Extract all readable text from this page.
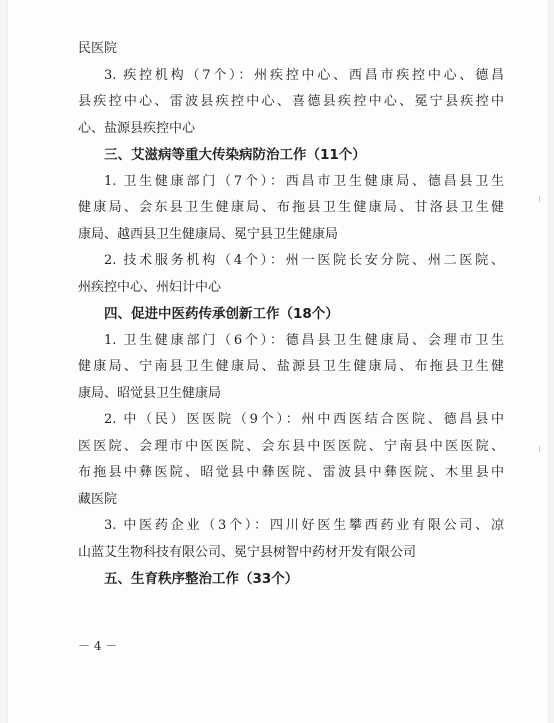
民医院
3. 疾控机构（7个）：州疾控中心、西昌市疾控中心、德昌
县疾控中心、雷波县疾控中心、喜德县疾控中心、冕宁县疾控中
心、盐源县疾控中心
三、艾滋病等重大传染病防治工作（11个）
1. 卫生健康部门（7个）：西昌市卫生健康局、德昌县卫生
健康局、会东县卫生健康局、布拖县卫生健康局、甘洛县卫生健
康局、越西县卫生健康局、冕宁县卫生健康局
2. 技术服务机构（4个）：州一医院长安分院、州二医院、
州疾控中心、州妇计中心
四、促进中医药传承创新工作（18个）
1. 卫生健康部门（6个）：德昌县卫生健康局、会理市卫生
健康局、宁南县卫生健康局、盐源县卫生健康局、布拖县卫生健
康局、昭觉县卫生健康局
2. 中（民）医医院（9个）：州中西医结合医院、德昌县中
医医院、会理市中医医院、会东县中医医院、宁南县中医医院、
布拖县中彝医院、昭觉县中彝医院、雷波县中彝医院、木里县中
藏医院
3. 中医药企业（3个）：四川好医生攀西药业有限公司、凉
山蓝艾生物科技有限公司、冕宁县树智中药材开发有限公司
五、生育秩序整治工作（33个）
－ 4 －
